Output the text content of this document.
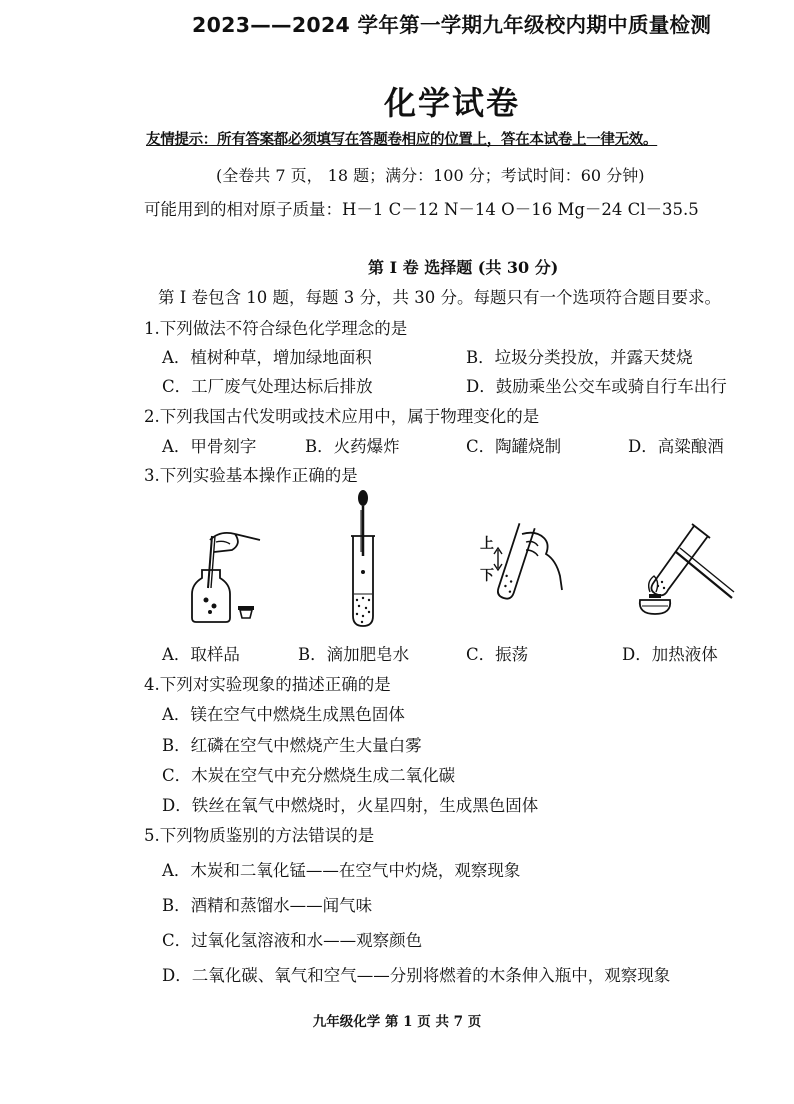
2023——2024 学年第一学期九年级校内期中质量检测
化学试卷
友情提示：所有答案都必须填写在答题卷相应的位置上，答在本试卷上一律无效。
(全卷共 7 页， 18 题；满分：100 分；考试时间：60 分钟)
可能用到的相对原子质量：H－1 C－12 N－14 O－16 Mg－24 Cl－35.5
第 I 卷 选择题 (共 30 分)
第 I 卷包含 10 题，每题 3 分，共 30 分。每题只有一个选项符合题目要求。
1.下列做法不符合绿色化学理念的是
A．植树种草，增加绿地面积	B．垃圾分类投放，并露天焚烧
C．工厂废气处理达标后排放	D．鼓励乘坐公交车或骑自行车出行
2.下列我国古代发明或技术应用中，属于物理变化的是
A．甲骨刻字	B．火药爆炸	C．陶罐烧制	D．高粱酿酒
3.下列实验基本操作正确的是
上
下
A．取样品	B．滴加肥皂水	C．振荡	D．加热液体
4.下列对实验现象的描述正确的是
A．镁在空气中燃烧生成黑色固体
B．红磷在空气中燃烧产生大量白雾
C．木炭在空气中充分燃烧生成二氧化碳
D．铁丝在氧气中燃烧时，火星四射，生成黑色固体
5.下列物质鉴别的方法错误的是
A．木炭和二氧化锰——在空气中灼烧，观察现象
B．酒精和蒸馏水——闻气味
C．过氧化氢溶液和水——观察颜色
D．二氧化碳、氧气和空气——分别将燃着的木条伸入瓶中，观察现象
九年级化学 第 1 页 共 7 页
